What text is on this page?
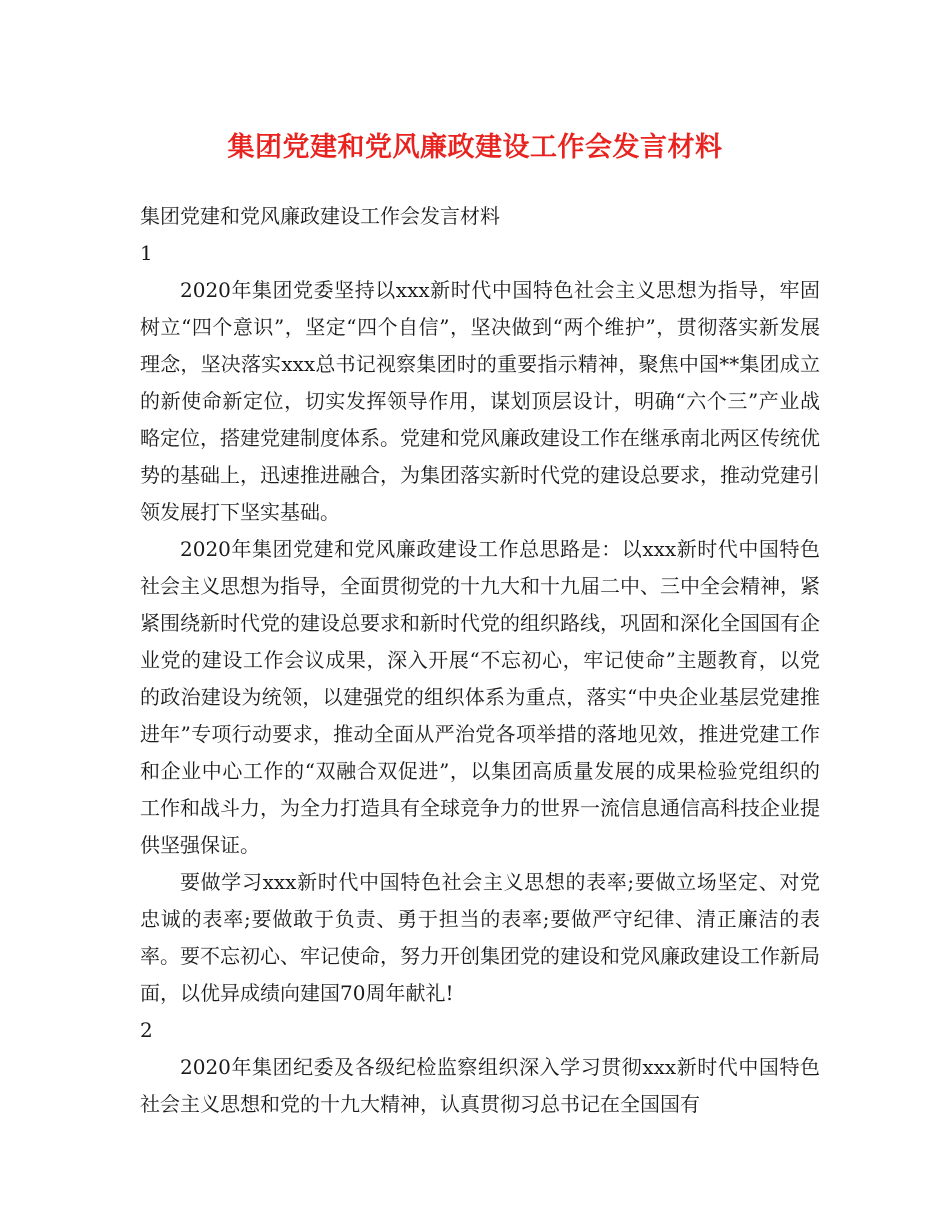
集团党建和党风廉政建设工作会发言材料

集团党建和党风廉政建设工作会发言材料

1

2020年集团党委坚持以xxx新时代中国特色社会主义思想为指导，牢固树立“四个意识”，坚定“四个自信”，坚决做到“两个维护”，贯彻落实新发展理念，坚决落实xxx总书记视察集团时的重要指示精神，聚焦中国**集团成立的新使命新定位，切实发挥领导作用，谋划顶层设计，明确“六个三”产业战略定位，搭建党建制度体系。党建和党风廉政建设工作在继承南北两区传统优势的基础上，迅速推进融合，为集团落实新时代党的建设总要求，推动党建引领发展打下坚实基础。

2020年集团党建和党风廉政建设工作总思路是：以xxx新时代中国特色社会主义思想为指导，全面贯彻党的十九大和十九届二中、三中全会精神，紧紧围绕新时代党的建设总要求和新时代党的组织路线，巩固和深化全国国有企业党的建设工作会议成果，深入开展“不忘初心，牢记使命”主题教育，以党的政治建设为统领，以建强党的组织体系为重点，落实“中央企业基层党建推进年”专项行动要求，推动全面从严治党各项举措的落地见效，推进党建工作和企业中心工作的“双融合双促进”，以集团高质量发展的成果检验党组织的工作和战斗力，为全力打造具有全球竞争力的世界一流信息通信高科技企业提供坚强保证。

要做学习xxx新时代中国特色社会主义思想的表率;要做立场坚定、对党忠诚的表率;要做敢于负责、勇于担当的表率;要做严守纪律、清正廉洁的表率。要不忘初心、牢记使命，努力开创集团党的建设和党风廉政建设工作新局面，以优异成绩向建国70周年献礼!

2

2020年集团纪委及各级纪检监察组织深入学习贯彻xxx新时代中国特色社会主义思想和党的十九大精神，认真贯彻习总书记在全国国有
